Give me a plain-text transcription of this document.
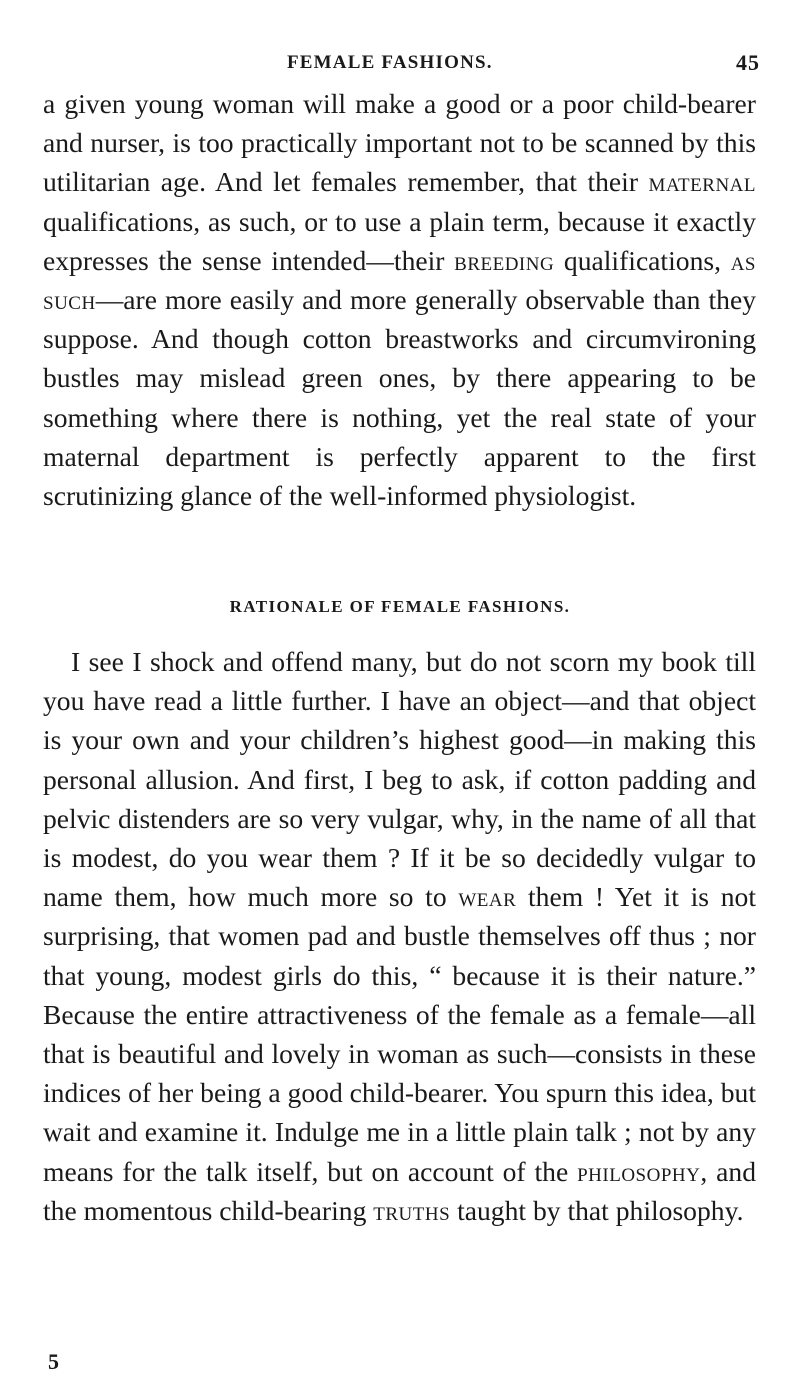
FEMALE FASHIONS.	45

a given young woman will make a good or a poor child-bearer and nurser, is too practically important not to be scanned by this utilitarian age. And let females remember, that their maternal qualifications, as such, or to use a plain term, because it exactly expresses the sense intended—their breeding qualifications, as such—are more easily and more generally observable than they suppose. And though cotton breastworks and circumvironing bustles may mislead green ones, by there appearing to be something where there is nothing, yet the real state of your maternal department is perfectly apparent to the first scrutinizing glance of the well-informed physiologist.

RATIONALE OF FEMALE FASHIONS.

I see I shock and offend many, but do not scorn my book till you have read a little further. I have an object—and that object is your own and your children’s highest good—in making this personal allusion. And first, I beg to ask, if cotton padding and pelvic distenders are so very vulgar, why, in the name of all that is modest, do you wear them ? If it be so decidedly vulgar to name them, how much more so to wear them ! Yet it is not surprising, that women pad and bustle themselves off thus ; nor that young, modest girls do this, “ because it is their nature.” Because the entire attractiveness of the female as a female—all that is beautiful and lovely in woman as such—consists in these indices of her being a good child-bearer. You spurn this idea, but wait and examine it. Indulge me in a little plain talk ; not by any means for the talk itself, but on account of the philosophy, and the momentous child-bearing truths taught by that philosophy.

5
